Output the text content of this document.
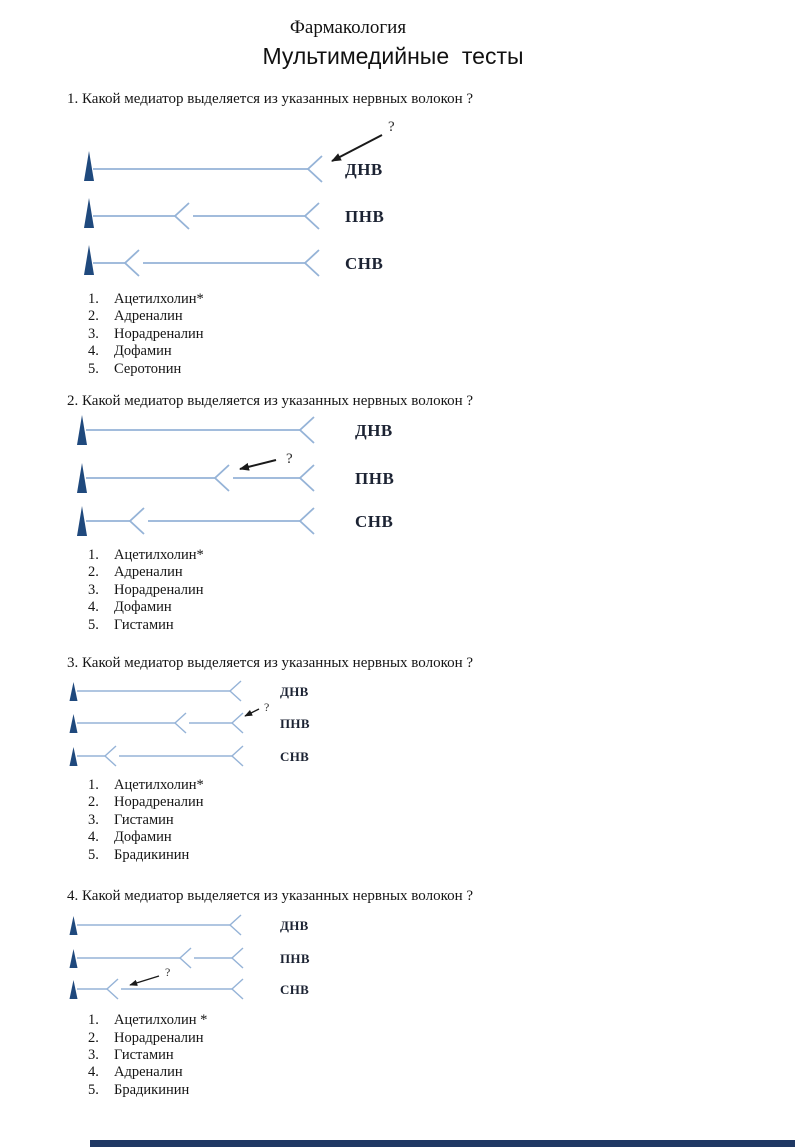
Фармакология
Мультимедийные  тесты
1. Какой медиатор выделяется из указанных нервных волокон ?
?
ДНВ
ПНВ
СНВ
1.	Ацетилхолин*
2.	Адреналин
3.	Норадреналин
4.	Дофамин
5.	Серотонин
2. Какой медиатор выделяется из указанных нервных волокон ?
ДНВ
?
ПНВ
СНВ
1.	Ацетилхолин*
2.	Адреналин
3.	Норадреналин
4.	Дофамин
5.	Гистамин
3. Какой медиатор выделяется из указанных нервных волокон ?
ДНВ
?
ПНВ
СНВ
1.	Ацетилхолин*
2.	Норадреналин
3.	Гистамин
4.	Дофамин
5.	Брадикинин
4. Какой медиатор выделяется из указанных нервных волокон ?
ДНВ
ПНВ
?
СНВ
1.	Ацетилхолин *
2.	Норадреналин
3.	Гистамин
4.	Адреналин
5.	Брадикинин
